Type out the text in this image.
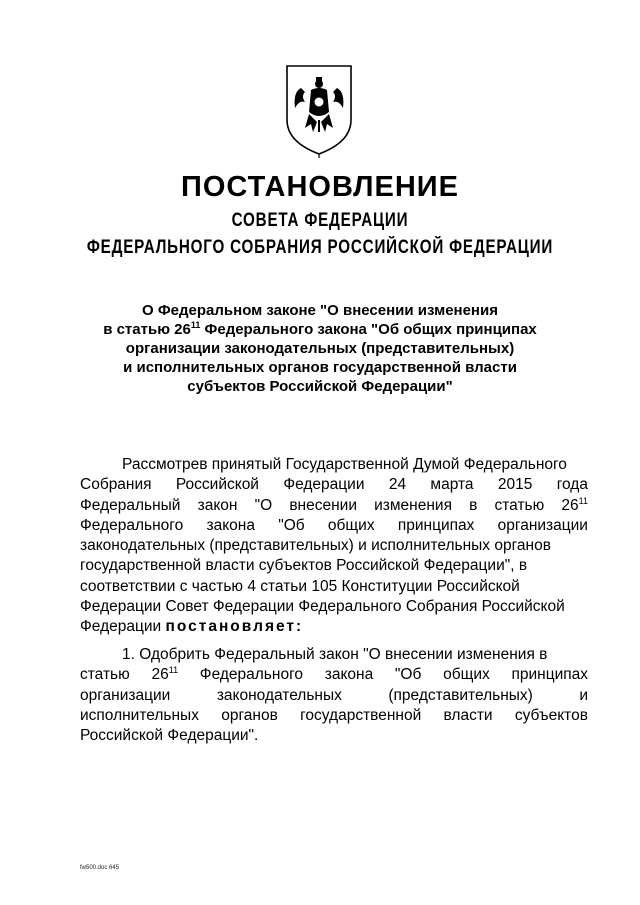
ПОСТАНОВЛЕНИЕ
СОВЕТА ФЕДЕРАЦИИ
ФЕДЕРАЛЬНОГО СОБРАНИЯ РОССИЙСКОЙ ФЕДЕРАЦИИ
О Федеральном законе "О внесении изменения
в статью $26^{11}$ Федерального закона "Об общих принципах
организации законодательных (представительных)
и исполнительных органов государственной власти
субъектов Российской Федерации"
Рассмотрев принятый Государственной Думой Федерального
Собрания Российской Федерации 24 марта 2015 года
Федеральный закон "О внесении изменения в статью $26^{11}$
Федерального закона "Об общих принципах организации
законодательных (представительных) и исполнительных органов
государственной власти субъектов Российской Федерации", в
соответствии с частью 4 статьи 105 Конституции Российской
Федерации Совет Федерации Федерального Собрания Российской
Федерации постановляет:
1. Одобрить Федеральный закон "О внесении изменения в
статью $26^{11}$ Федерального закона "Об общих принципах
организации	законодательных	(представительных)	и
исполнительных органов государственной власти субъектов
Российской Федерации".
fw500.doc 645
